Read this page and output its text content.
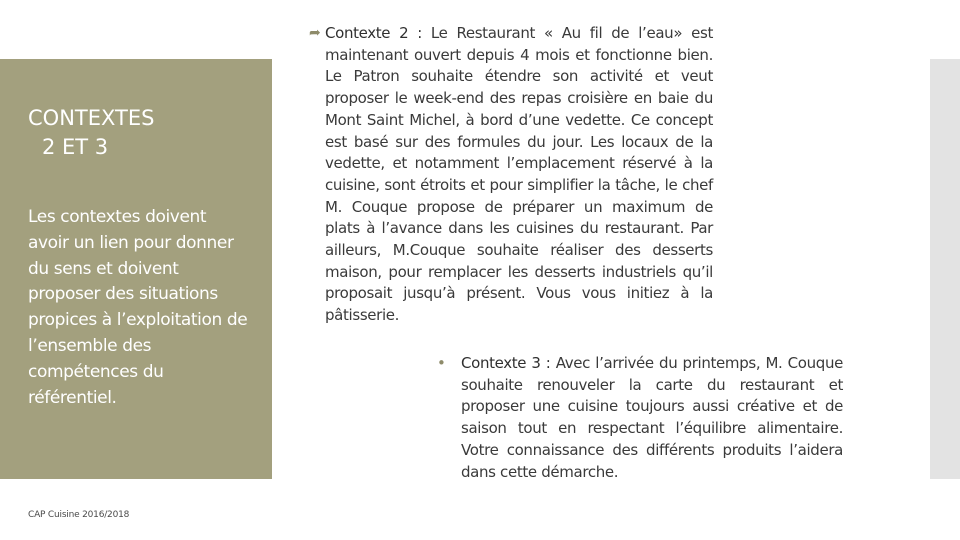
CONTEXTES
2 ET 3
Les contextes doivent avoir un lien pour donner du sens et doivent proposer des situations propices à l’exploitation de l’ensemble des compétences du référentiel.
CAP Cuisine 2016/2018
➦ Contexte 2 : Le Restaurant « Au fil de l’eau» est maintenant ouvert depuis 4 mois et fonctionne bien. Le Patron souhaite étendre son activité et veut proposer le week-end des repas croisière en baie du Mont Saint Michel, à bord d’une vedette. Ce concept est basé sur des formules du jour. Les locaux de la vedette, et notamment l’emplacement réservé à la cuisine, sont étroits et pour simplifier la tâche, le chef M. Couque propose de préparer un maximum de plats à l’avance dans les cuisines du restaurant. Par ailleurs, M.Couque souhaite réaliser des desserts maison, pour remplacer les desserts industriels qu’il proposait jusqu’à présent. Vous vous initiez à la pâtisserie.
• Contexte 3 : Avec l’arrivée du printemps, M. Couque souhaite renouveler la carte du restaurant et proposer une cuisine toujours aussi créative et de saison tout en respectant l’équilibre alimentaire. Votre connaissance des différents produits l’aidera dans cette démarche.
